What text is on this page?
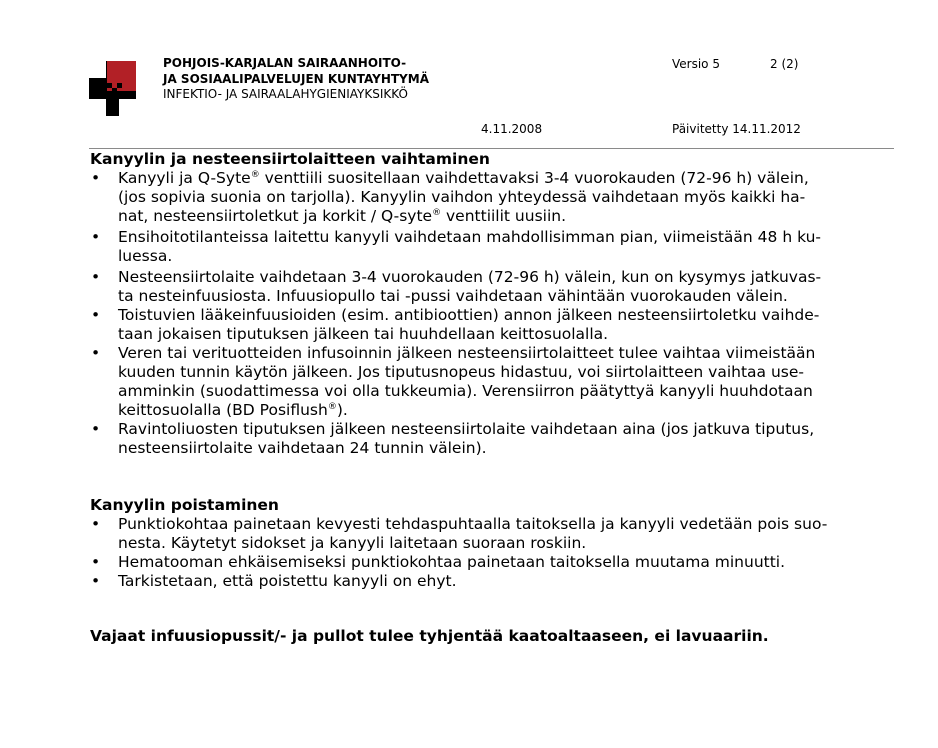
POHJOIS-KARJALAN SAIRAANHOITO-
JA SOSIAALIPALVELUJEN KUNTAYHTYMÄ
INFEKTIO- JA SAIRAALAHYGIENIAYKSIKKÖ
Versio 5	2 (2)
4.11.2008	Päivitetty 14.11.2012
Kanyylin ja nesteensiirtolaitteen vaihtaminen
• Kanyyli ja Q-Syte® venttiili suositellaan vaihdettavaksi 3-4 vuorokauden (72-96 h) välein,
(jos sopivia suonia on tarjolla). Kanyylin vaihdon yhteydessä vaihdetaan myös kaikki ha-
nat, nesteensiirtoletkut ja korkit / Q-syte® venttiilit uusiin.
• Ensihoitotilanteissa laitettu kanyyli vaihdetaan mahdollisimman pian, viimeistään 48 h ku-
luessa.
• Nesteensiirtolaite vaihdetaan 3-4 vuorokauden (72-96 h) välein, kun on kysymys jatkuvas-
ta nesteinfuusiosta. Infuusiopullo tai -pussi vaihdetaan vähintään vuorokauden välein.
• Toistuvien lääkeinfuusioiden (esim. antibioottien) annon jälkeen nesteensiirtoletku vaihde-
taan jokaisen tiputuksen jälkeen tai huuhdellaan keittosuolalla.
• Veren tai verituotteiden infusoinnin jälkeen nesteensiirtolaitteet tulee vaihtaa viimeistään
kuuden tunnin käytön jälkeen. Jos tiputusnopeus hidastuu, voi siirtolaitteen vaihtaa use-
amminkin (suodattimessa voi olla tukkeumia). Verensiirron päätyttyä kanyyli huuhdotaan
keittosuolalla (BD Posiflush®).
• Ravintoliuosten tiputuksen jälkeen nesteensiirtolaite vaihdetaan aina (jos jatkuva tiputus,
nesteensiirtolaite vaihdetaan 24 tunnin välein).
Kanyylin poistaminen
• Punktiokohtaa painetaan kevyesti tehdaspuhtaalla taitoksella ja kanyyli vedetään pois suo-
nesta. Käytetyt sidokset ja kanyyli laitetaan suoraan roskiin.
• Hematooman ehkäisemiseksi punktiokohtaa painetaan taitoksella muutama minuutti.
• Tarkistetaan, että poistettu kanyyli on ehyt.
Vajaat infuusiopussit/- ja pullot tulee tyhjentää kaatoaltaaseen, ei lavuaariin.
